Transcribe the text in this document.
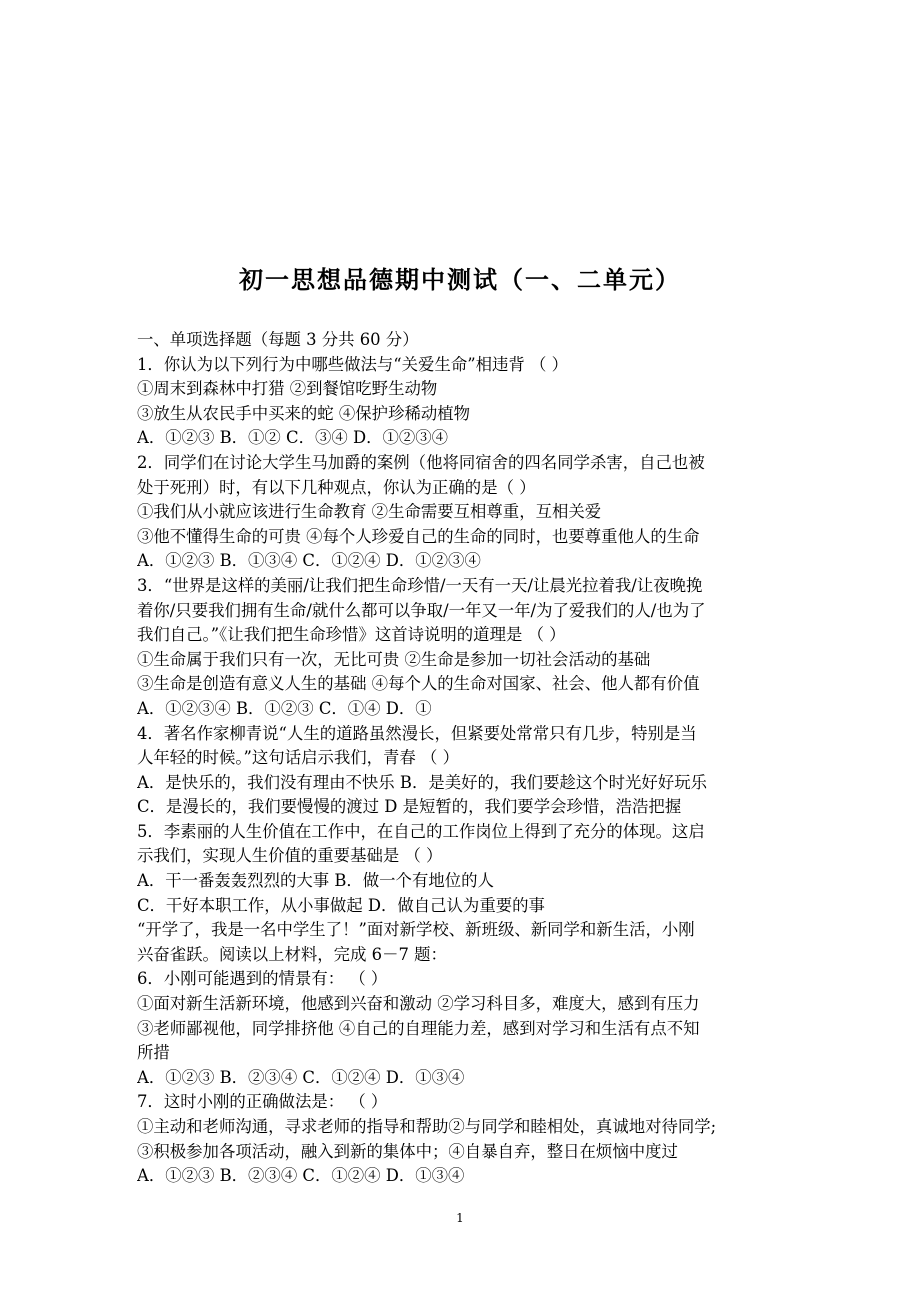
初一思想品德期中测试（一、二单元）
一、单项选择题（每题 3 分共 60 分）
1．你认为以下列行为中哪些做法与“关爱生命”相违背 （ ）
①周末到森林中打猎 ②到餐馆吃野生动物
③放生从农民手中买来的蛇 ④保护珍稀动植物
A．①②③ B．①② C．③④ D．①②③④
2．同学们在讨论大学生马加爵的案例（他将同宿舍的四名同学杀害，自己也被
处于死刑）时，有以下几种观点，你认为正确的是（ ）
①我们从小就应该进行生命教育 ②生命需要互相尊重，互相关爱
③他不懂得生命的可贵 ④每个人珍爱自己的生命的同时，也要尊重他人的生命
A．①②③ B．①③④ C．①②④ D．①②③④
3．“世界是这样的美丽/让我们把生命珍惜/一天有一天/让晨光拉着我/让夜晚挽
着你/只要我们拥有生命/就什么都可以争取/一年又一年/为了爱我们的人/也为了
我们自己。”《让我们把生命珍惜》这首诗说明的道理是 （ ）
①生命属于我们只有一次，无比可贵 ②生命是参加一切社会活动的基础
③生命是创造有意义人生的基础 ④每个人的生命对国家、社会、他人都有价值
A．①②③④ B．①②③ C．①④ D．①
4．著名作家柳青说“人生的道路虽然漫长，但紧要处常常只有几步，特别是当
人年轻的时候。”这句话启示我们，青春 （ ）
A．是快乐的，我们没有理由不快乐 B．是美好的，我们要趁这个时光好好玩乐
C．是漫长的，我们要慢慢的渡过 D 是短暂的，我们要学会珍惜，浩浩把握
5．李素丽的人生价值在工作中，在自己的工作岗位上得到了充分的体现。这启
示我们，实现人生价值的重要基础是 （ ）
A．干一番轰轰烈烈的大事 B．做一个有地位的人
C．干好本职工作，从小事做起 D．做自己认为重要的事
“开学了，我是一名中学生了！”面对新学校、新班级、新同学和新生活，小刚
兴奋雀跃。阅读以上材料，完成 6－7 题：
6．小刚可能遇到的情景有： （ ）
①面对新生活新环境，他感到兴奋和激动 ②学习科目多，难度大，感到有压力
③老师鄙视他，同学排挤他 ④自己的自理能力差，感到对学习和生活有点不知
所措
A．①②③ B．②③④ C．①②④ D．①③④
7．这时小刚的正确做法是： （ ）
①主动和老师沟通，寻求老师的指导和帮助②与同学和睦相处，真诚地对待同学;
③积极参加各项活动，融入到新的集体中；④自暴自弃，整日在烦恼中度过
A．①②③ B．②③④ C．①②④ D．①③④
1
